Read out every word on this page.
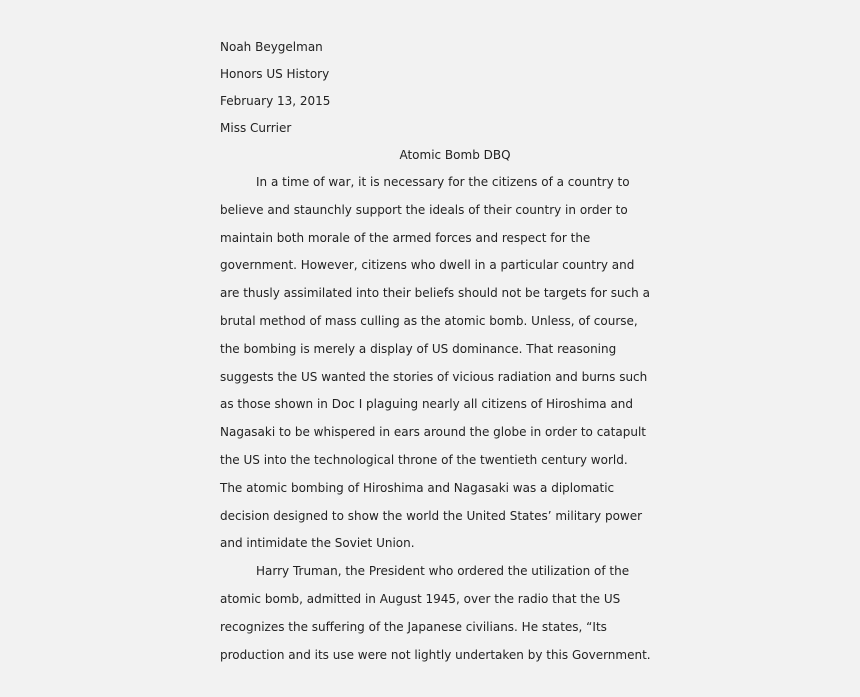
Noah Beygelman
Honors US History
February 13, 2015
Miss Currier
Atomic Bomb DBQ
In a time of war, it is necessary for the citizens of a country to
believe and staunchly support the ideals of their country in order to
maintain both morale of the armed forces and respect for the
government. However, citizens who dwell in a particular country and
are thusly assimilated into their beliefs should not be targets for such a
brutal method of mass culling as the atomic bomb. Unless, of course,
the bombing is merely a display of US dominance. That reasoning
suggests the US wanted the stories of vicious radiation and burns such
as those shown in Doc I plaguing nearly all citizens of Hiroshima and
Nagasaki to be whispered in ears around the globe in order to catapult
the US into the technological throne of the twentieth century world.
The atomic bombing of Hiroshima and Nagasaki was a diplomatic
decision designed to show the world the United States’ military power
and intimidate the Soviet Union.
Harry Truman, the President who ordered the utilization of the
atomic bomb, admitted in August 1945, over the radio that the US
recognizes the suffering of the Japanese civilians. He states, “Its
production and its use were not lightly undertaken by this Government.
